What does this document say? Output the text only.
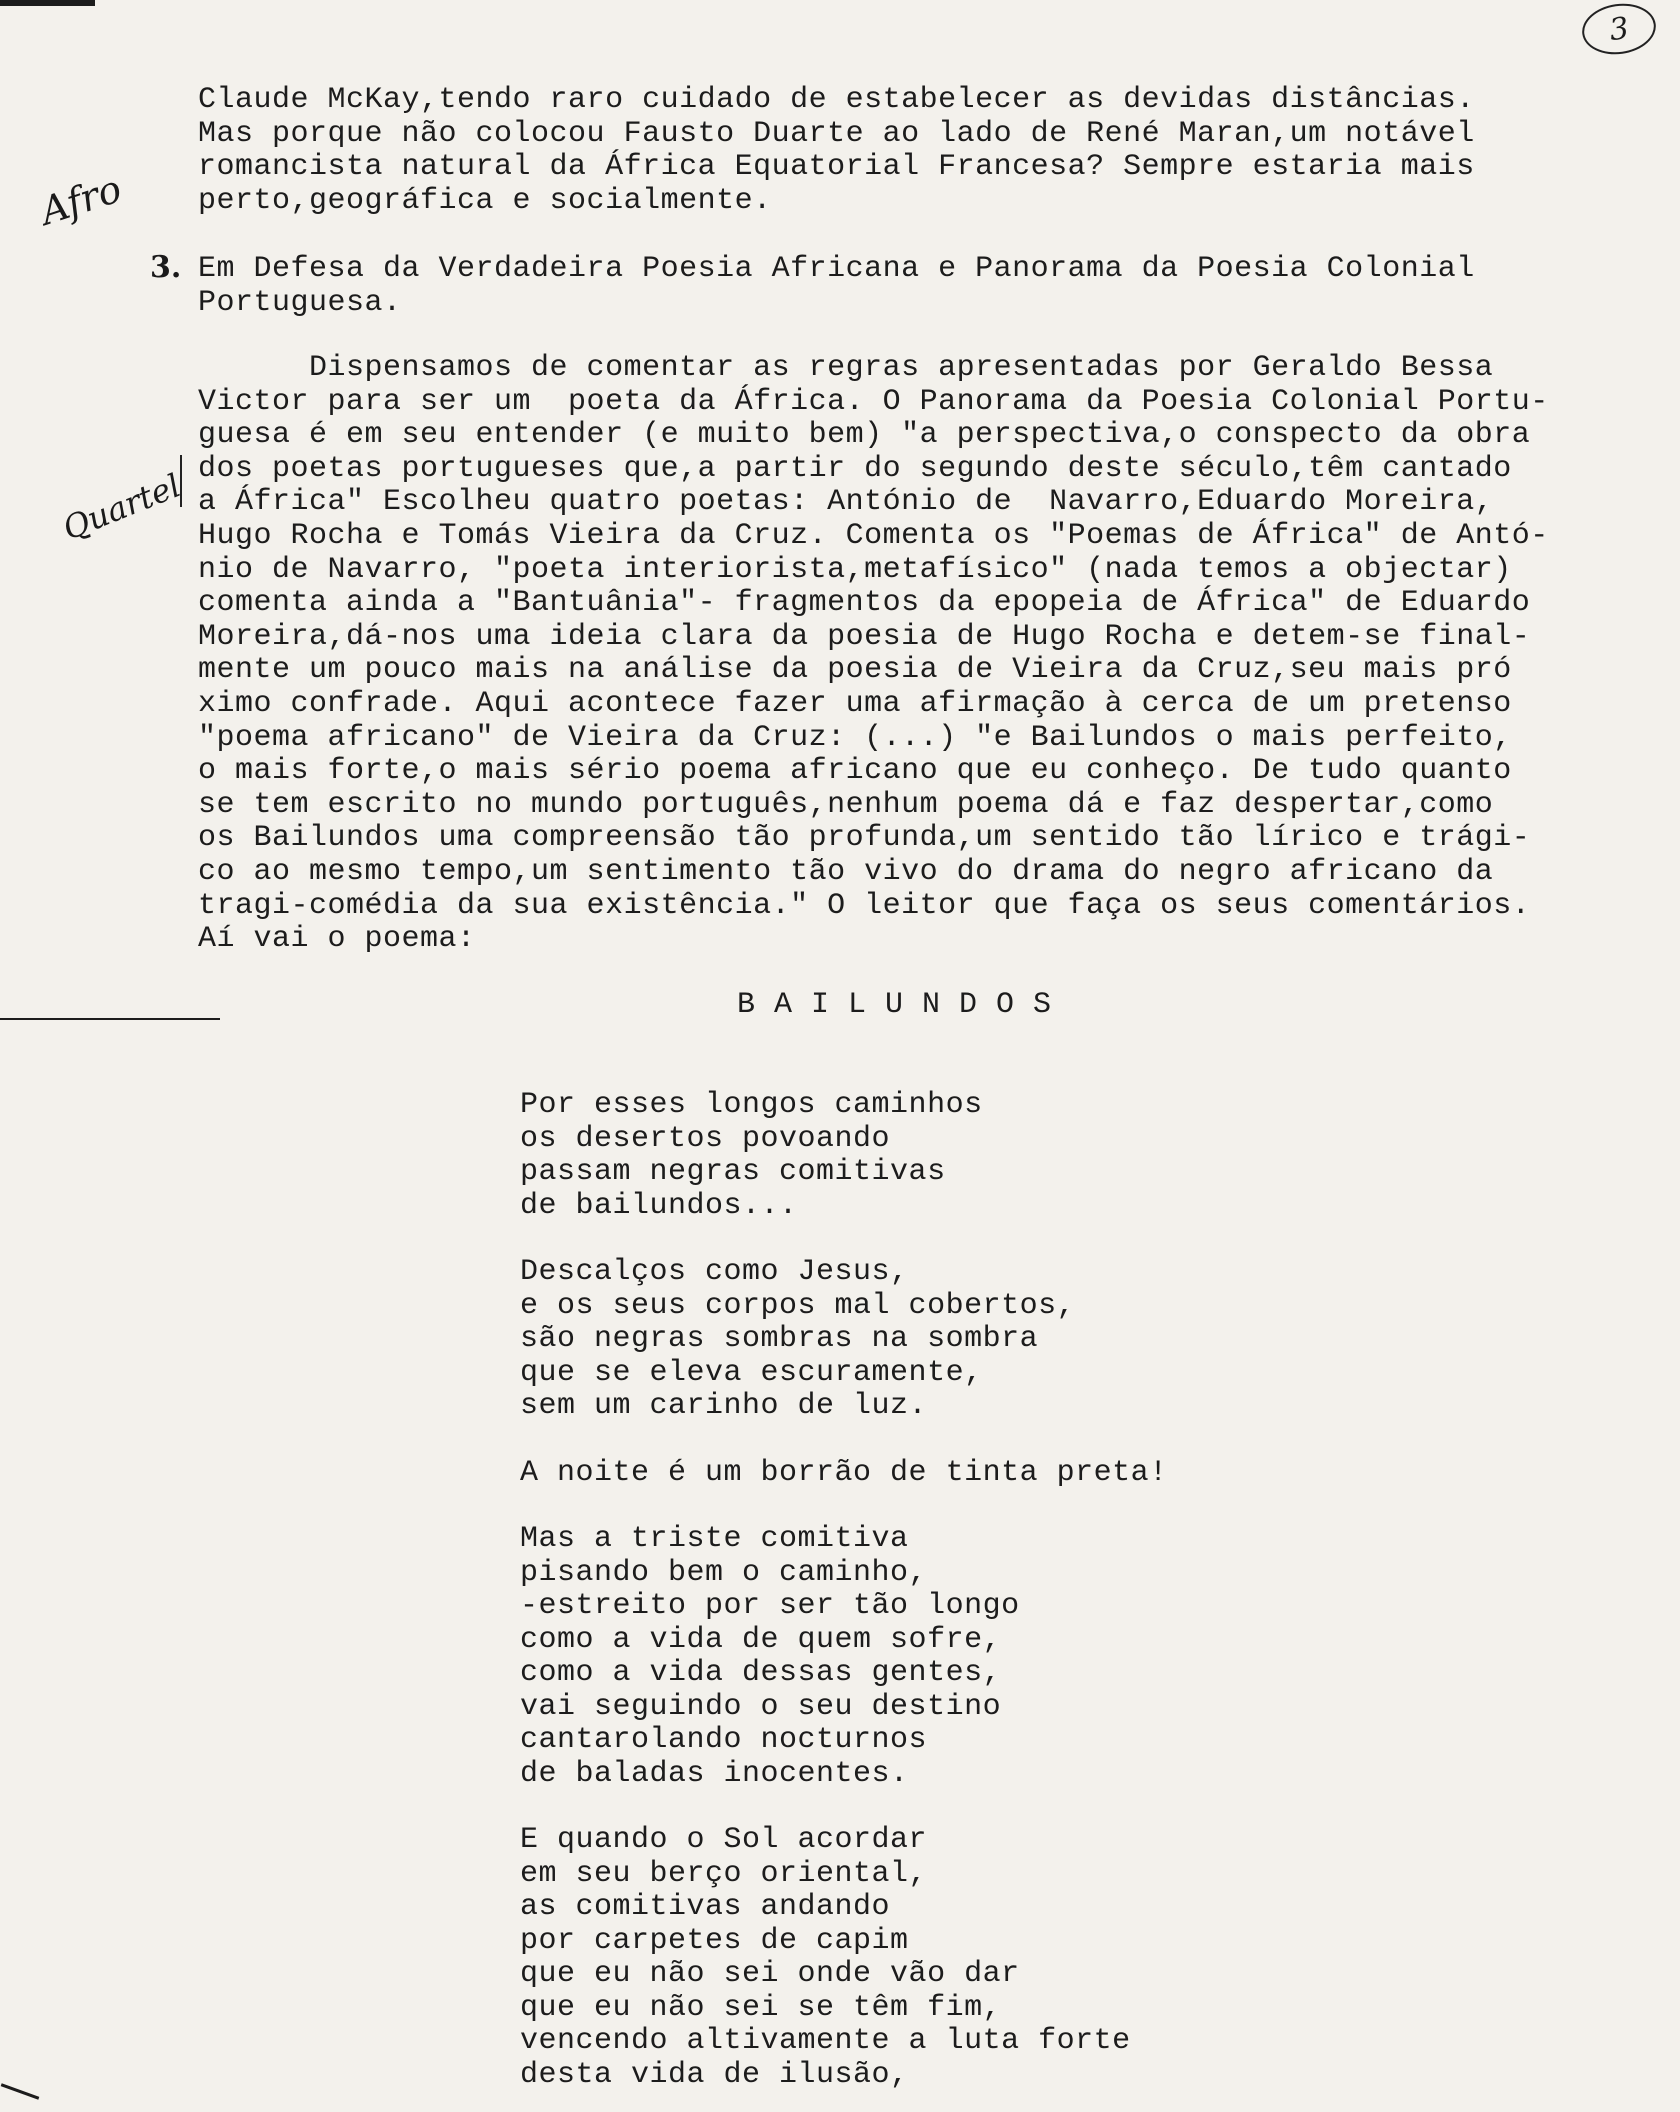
3
Afro
Quartel
3.
Claude McKay,tendo raro cuidado de estabelecer as devidas distâncias.
Mas porque não colocou Fausto Duarte ao lado de René Maran,um notável
romancista natural da África Equatorial Francesa? Sempre estaria mais
perto,geográfica e socialmente.
Em Defesa da Verdadeira Poesia Africana e Panorama da Poesia Colonial
Portuguesa.
Dispensamos de comentar as regras apresentadas por Geraldo Bessa
Victor para ser um  poeta da África. O Panorama da Poesia Colonial Portu-
guesa é em seu entender (e muito bem) "a perspectiva,o conspecto da obra
dos poetas portugueses que,a partir do segundo deste século,têm cantado
a África" Escolheu quatro poetas: António de  Navarro,Eduardo Moreira,
Hugo Rocha e Tomás Vieira da Cruz. Comenta os "Poemas de África" de Antó-
nio de Navarro, "poeta interiorista,metafísico" (nada temos a objectar)
comenta ainda a "Bantuânia"- fragmentos da epopeia de África" de Eduardo
Moreira,dá-nos uma ideia clara da poesia de Hugo Rocha e detem-se final-
mente um pouco mais na análise da poesia de Vieira da Cruz,seu mais pró
ximo confrade. Aqui acontece fazer uma afirmação à cerca de um pretenso
"poema africano" de Vieira da Cruz: (...) "e Bailundos o mais perfeito,
o mais forte,o mais sério poema africano que eu conheço. De tudo quanto
se tem escrito no mundo português,nenhum poema dá e faz despertar,como
os Bailundos uma compreensão tão profunda,um sentido tão lírico e trági-
co ao mesmo tempo,um sentimento tão vivo do drama do negro africano da
tragi-comédia da sua existência." O leitor que faça os seus comentários.
Aí vai o poema:
B A I L U N D O S
Por esses longos caminhos
os desertos povoando
passam negras comitivas
de bailundos...
Descalços como Jesus,
e os seus corpos mal cobertos,
são negras sombras na sombra
que se eleva escuramente,
sem um carinho de luz.
A noite é um borrão de tinta preta!
Mas a triste comitiva
pisando bem o caminho,
-estreito por ser tão longo
como a vida de quem sofre,
como a vida dessas gentes,
vai seguindo o seu destino
cantarolando nocturnos
de baladas inocentes.
E quando o Sol acordar
em seu berço oriental,
as comitivas andando
por carpetes de capim
que eu não sei onde vão dar
que eu não sei se têm fim,
vencendo altivamente a luta forte
desta vida de ilusão,
